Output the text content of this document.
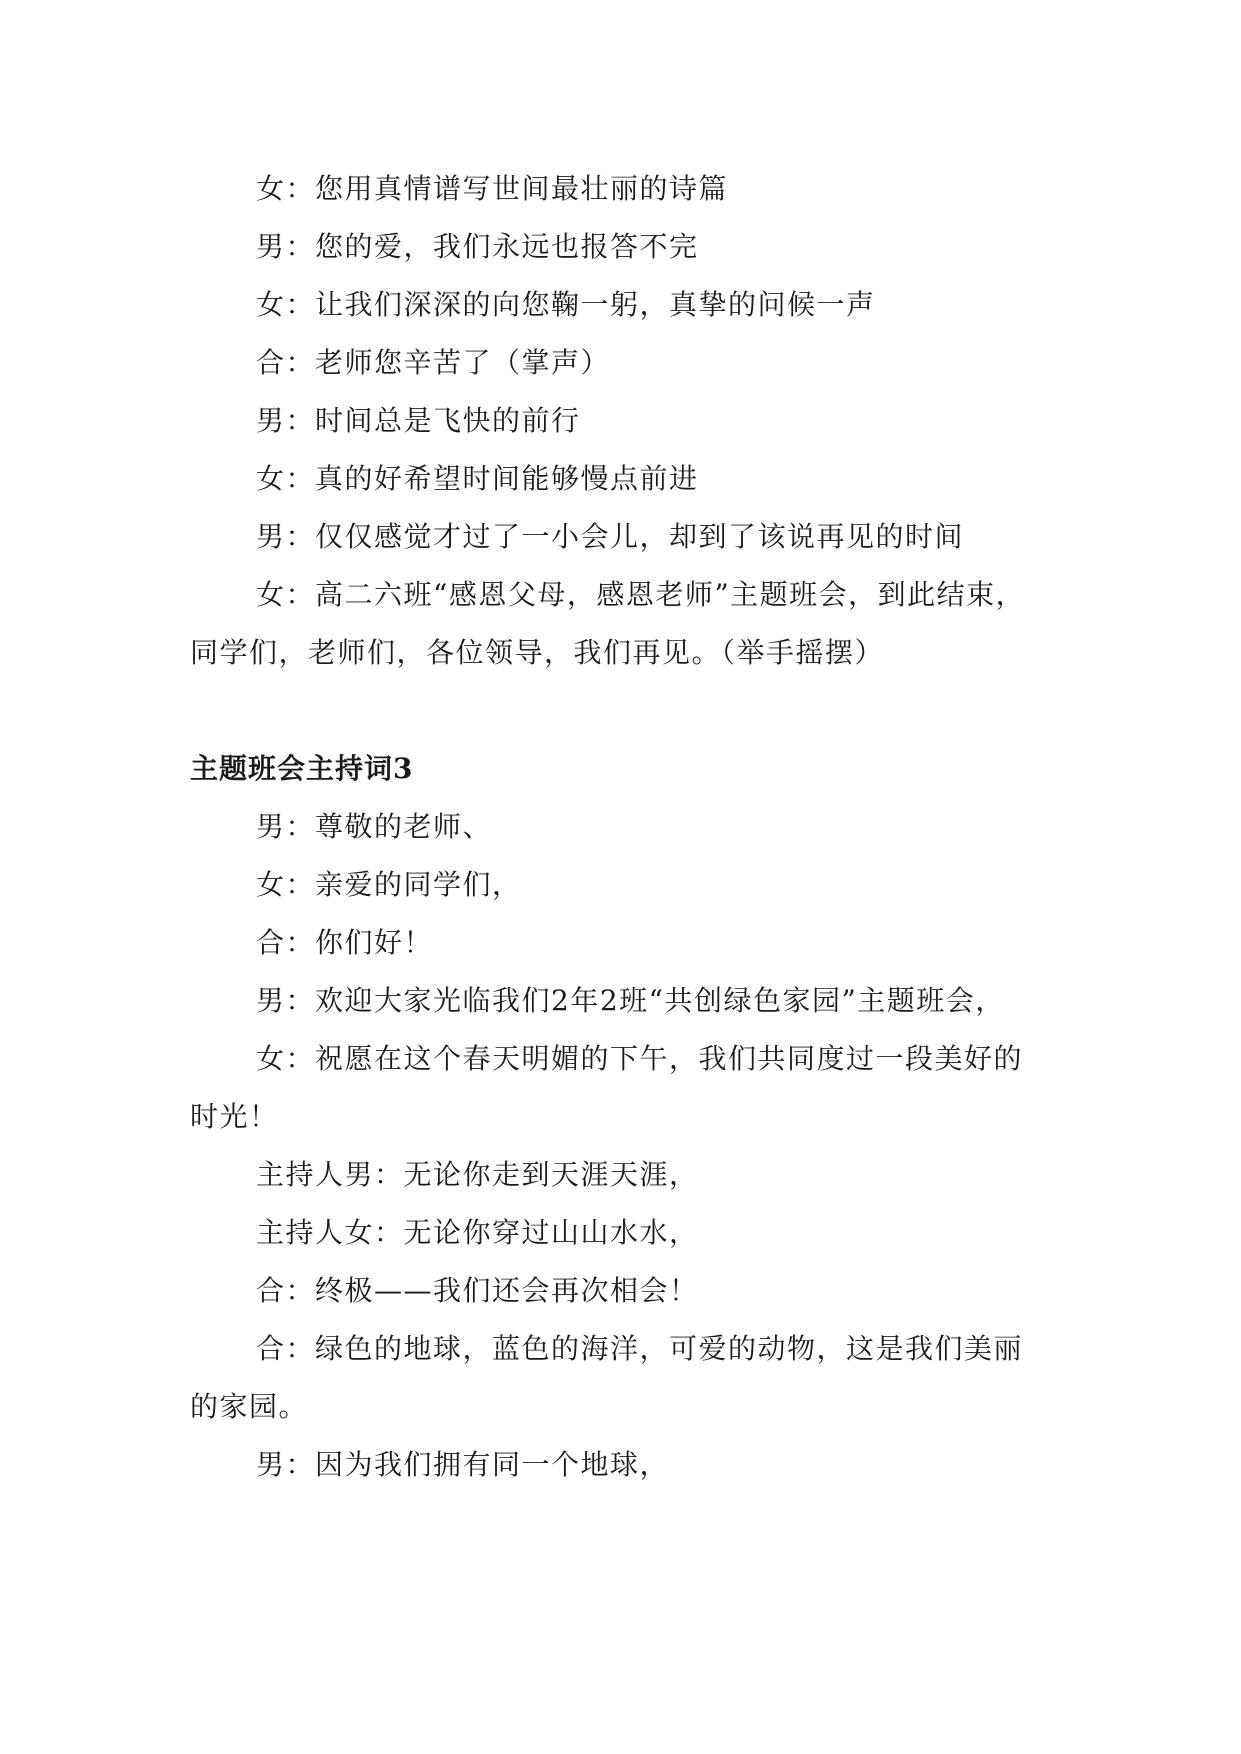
女：您用真情谱写世间最壮丽的诗篇

男：您的爱，我们永远也报答不完

女：让我们深深的向您鞠一躬，真挚的问候一声

合：老师您辛苦了（掌声）

男：时间总是飞快的前行

女：真的好希望时间能够慢点前进

男：仅仅感觉才过了一小会儿，却到了该说再见的时间

女：高二六班“感恩父母，感恩老师”主题班会，到此结束，同学们，老师们，各位领导，我们再见。（举手摇摆）

主题班会主持词3

男：尊敬的老师、

女：亲爱的同学们，

合：你们好！

男：欢迎大家光临我们2年2班“共创绿色家园”主题班会，

女：祝愿在这个春天明媚的下午，我们共同度过一段美好的时光！

主持人男：无论你走到天涯天涯，

主持人女：无论你穿过山山水水，

合：终极——我们还会再次相会！

合：绿色的地球，蓝色的海洋，可爱的动物，这是我们美丽的家园。

男：因为我们拥有同一个地球，
